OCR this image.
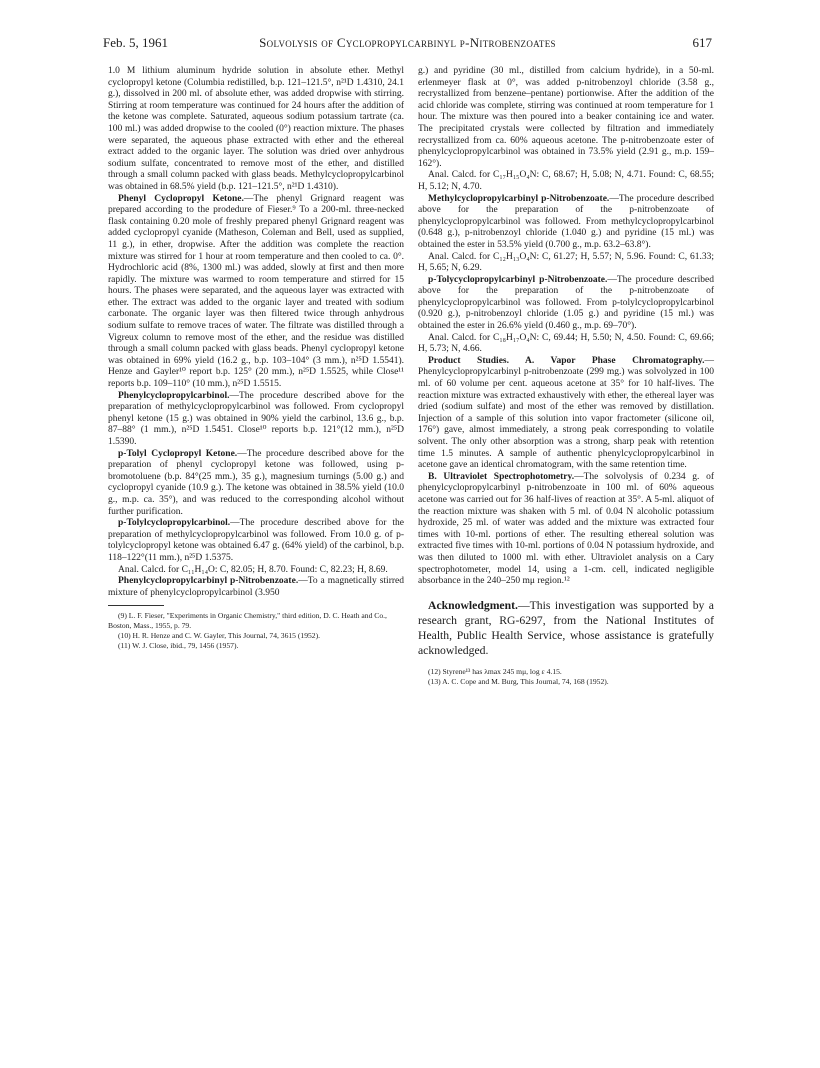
Feb. 5, 1961	Solvolysis of Cyclopropylcarbinyl p-Nitrobenzoates	617

1.0 M lithium aluminum hydride solution in absolute ether. Methyl cyclopropyl ketone (Columbia redistilled, b.p. 121–121.5°, n²¹D 1.4310, 24.1 g.), dissolved in 200 ml. of absolute ether, was added dropwise with stirring. Stirring at room temperature was continued for 24 hours after the addition of the ketone was complete. Saturated, aqueous sodium potassium tartrate (ca. 100 ml.) was added dropwise to the cooled (0°) reaction mixture. The phases were separated, the aqueous phase extracted with ether and the ethereal extract added to the organic layer. The solution was dried over anhydrous sodium sulfate, concentrated to remove most of the ether, and distilled through a small column packed with glass beads. Methylcyclopropylcarbinol was obtained in 68.5% yield (b.p. 121–121.5°, n²¹D 1.4310).

Phenyl Cyclopropyl Ketone.—The phenyl Grignard reagent was prepared according to the prodedure of Fieser.⁹ To a 200-ml. three-necked flask containing 0.20 mole of freshly prepared phenyl Grignard reagent was added cyclopropyl cyanide (Matheson, Coleman and Bell, used as supplied, 11 g.), in ether, dropwise. After the addition was complete the reaction mixture was stirred for 1 hour at room temperature and then cooled to ca. 0°. Hydrochloric acid (8%, 1300 ml.) was added, slowly at first and then more rapidly. The mixture was warmed to room temperature and stirred for 15 hours. The phases were separated, and the aqueous layer was extracted with ether. The extract was added to the organic layer and treated with sodium carbonate. The organic layer was then filtered twice through anhydrous sodium sulfate to remove traces of water. The filtrate was distilled through a Vigreux column to remove most of the ether, and the residue was distilled through a small column packed with glass beads. Phenyl cyclopropyl ketone was obtained in 69% yield (16.2 g., b.p. 103–104° (3 mm.), n²⁵D 1.5541). Henze and Gayler¹⁰ report b.p. 125° (20 mm.), n²⁵D 1.5525, while Close¹¹ reports b.p. 109–110° (10 mm.), n²⁵D 1.5515.

Phenylcyclopropylcarbinol.—The procedure described above for the preparation of methylcyclopropylcarbinol was followed. From cyclopropyl phenyl ketone (15 g.) was obtained in 90% yield the carbinol, 13.6 g., b.p. 87–88° (1 mm.), n²⁵D 1.5451. Close¹⁰ reports b.p. 121°(12 mm.), n²⁵D 1.5390.

p-Tolyl Cyclopropyl Ketone.—The procedure described above for the preparation of phenyl cyclopropyl ketone was followed, using p-bromotoluene (b.p. 84°(25 mm.), 35 g.), magnesium turnings (5.00 g.) and cyclopropyl cyanide (10.9 g.). The ketone was obtained in 38.5% yield (10.0 g., m.p. ca. 35°), and was reduced to the corresponding alcohol without further purification.

p-Tolylcyclopropylcarbinol.—The procedure described above for the preparation of methylcyclopropylcarbinol was followed. From 10.0 g. of p-tolylcyclopropyl ketone was obtained 6.47 g. (64% yield) of the carbinol, b.p. 118–122°(11 mm.), n²⁵D 1.5375.

Anal. Calcd. for C₁₁H₁₄O: C, 82.05; H, 8.70. Found: C, 82.23; H, 8.69.

Phenylcyclopropylcarbinyl p-Nitrobenzoate.—To a magnetically stirred mixture of phenylcyclopropylcarbinol (3.950

(9) L. F. Fieser, "Experiments in Organic Chemistry," third edition, D. C. Heath and Co., Boston, Mass., 1955, p. 79.

(10) H. R. Henze and C. W. Gayler, This Journal, 74, 3615 (1952).

(11) W. J. Close, ibid., 79, 1456 (1957).

g.) and pyridine (30 ml., distilled from calcium hydride), in a 50-ml. erlenmeyer flask at 0°, was added p-nitrobenzoyl chloride (3.58 g., recrystallized from benzene–pentane) portionwise. After the addition of the acid chloride was complete, stirring was continued at room temperature for 1 hour. The mixture was then poured into a beaker containing ice and water. The precipitated crystals were collected by filtration and immediately recrystallized from ca. 60% aqueous acetone. The p-nitrobenzoate ester of phenylcyclopropylcarbinol was obtained in 73.5% yield (2.91 g., m.p. 159–162°).

Anal. Calcd. for C₁₇H₁₅O₄N: C, 68.67; H, 5.08; N, 4.71. Found: C, 68.55; H, 5.12; N, 4.70.

Methylcyclopropylcarbinyl p-Nitrobenzoate.—The procedure described above for the preparation of the p-nitrobenzoate of phenylcyclopropylcarbinol was followed. From methylcyclopropylcarbinol (0.648 g.), p-nitrobenzoyl chloride (1.040 g.) and pyridine (15 ml.) was obtained the ester in 53.5% yield (0.700 g., m.p. 63.2–63.8°).

Anal. Calcd. for C₁₂H₁₃O₄N: C, 61.27; H, 5.57; N, 5.96. Found: C, 61.33; H, 5.65; N, 6.29.

p-Tolycyclopropylcarbinyl p-Nitrobenzoate.—The procedure described above for the preparation of the p-nitrobenzoate of phenylcyclopropylcarbinol was followed. From p-tolylcyclopropylcarbinol (0.920 g.), p-nitrobenzoyl chloride (1.05 g.) and pyridine (15 ml.) was obtained the ester in 26.6% yield (0.460 g., m.p. 69–70°).

Anal. Calcd. for C₁₈H₁₇O₄N: C, 69.44; H, 5.50; N, 4.50. Found: C, 69.66; H, 5.73; N, 4.66.

Product Studies. A. Vapor Phase Chromatography.—Phenylcyclopropylcarbinyl p-nitrobenzoate (299 mg.) was solvolyzed in 100 ml. of 60 volume per cent. aqueous acetone at 35° for 10 half-lives. The reaction mixture was extracted exhaustively with ether, the ethereal layer was dried (sodium sulfate) and most of the ether was removed by distillation. Injection of a sample of this solution into vapor fractometer (silicone oil, 176°) gave, almost immediately, a strong peak corresponding to volatile solvent. The only other absorption was a strong, sharp peak with retention time 1.5 minutes. A sample of authentic phenylcyclopropylcarbinol in acetone gave an identical chromatogram, with the same retention time.

B. Ultraviolet Spectrophotometry.—The solvolysis of 0.234 g. of phenylcyclopropylcarbinyl p-nitrobenzoate in 100 ml. of 60% aqueous acetone was carried out for 36 half-lives of reaction at 35°. A 5-ml. aliquot of the reaction mixture was shaken with 5 ml. of 0.04 N alcoholic potassium hydroxide, 25 ml. of water was added and the mixture was extracted four times with 10-ml. portions of ether. The resulting ethereal solution was extracted five times with 10-ml. portions of 0.04 N potassium hydroxide, and was then diluted to 1000 ml. with ether. Ultraviolet analysis on a Cary spectrophotometer, model 14, using a 1-cm. cell, indicated negligible absorbance in the 240–250 mμ region.¹²

Acknowledgment.—This investigation was supported by a research grant, RG-6297, from the National Institutes of Health, Public Health Service, whose assistance is gratefully acknowledged.

(12) Styrene¹³ has λmax 245 mμ, log ε 4.15.

(13) A. C. Cope and M. Burg, This Journal, 74, 168 (1952).
